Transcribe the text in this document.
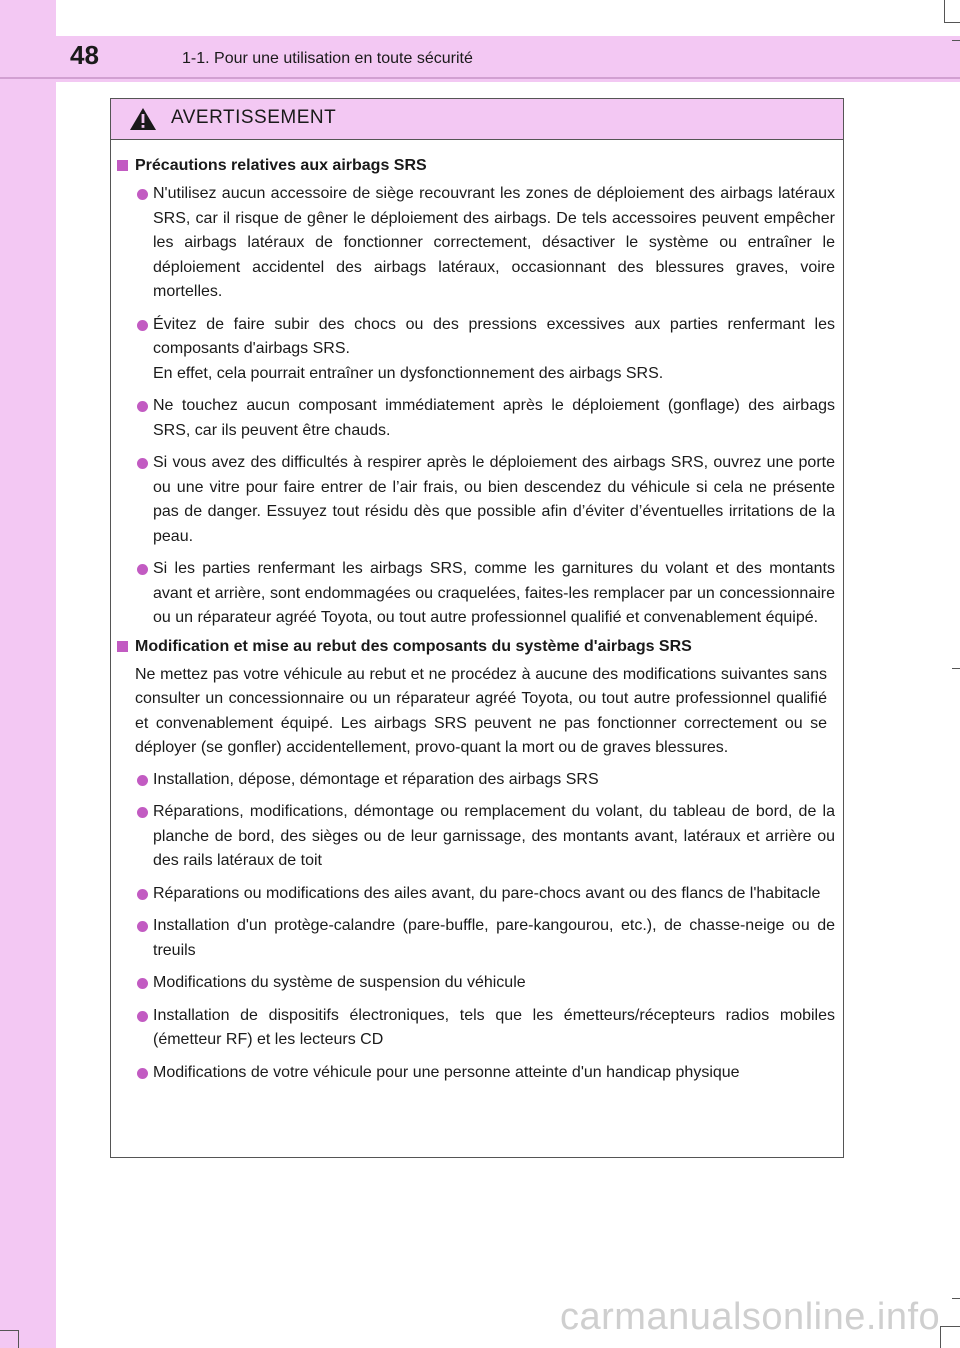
48	1-1. Pour une utilisation en toute sécurité
AVERTISSEMENT
Précautions relatives aux airbags SRS
N'utilisez aucun accessoire de siège recouvrant les zones de déploiement des airbags latéraux SRS, car il risque de gêner le déploiement des airbags. De tels accessoires peuvent empêcher les airbags latéraux de fonctionner correctement, désactiver le système ou entraîner le déploiement accidentel des airbags latéraux, occasionnant des blessures graves, voire mortelles.
Évitez de faire subir des chocs ou des pressions excessives aux parties renfermant les composants d'airbags SRS.
En effet, cela pourrait entraîner un dysfonctionnement des airbags SRS.
Ne touchez aucun composant immédiatement après le déploiement (gonflage) des airbags SRS, car ils peuvent être chauds.
Si vous avez des difficultés à respirer après le déploiement des airbags SRS, ouvrez une porte ou une vitre pour faire entrer de l’air frais, ou bien descendez du véhicule si cela ne présente pas de danger. Essuyez tout résidu dès que possible afin d’éviter d’éventuelles irritations de la peau.
Si les parties renfermant les airbags SRS, comme les garnitures du volant et des montants avant et arrière, sont endommagées ou craquelées, faites-les remplacer par un concessionnaire ou un réparateur agréé Toyota, ou tout autre professionnel qualifié et convenablement équipé.
Modification et mise au rebut des composants du système d'airbags SRS
Ne mettez pas votre véhicule au rebut et ne procédez à aucune des modifications suivantes sans consulter un concessionnaire ou un réparateur agréé Toyota, ou tout autre professionnel qualifié et convenablement équipé. Les airbags SRS peuvent ne pas fonctionner correctement ou se déployer (se gonfler) accidentellement, provo-quant la mort ou de graves blessures.
Installation, dépose, démontage et réparation des airbags SRS
Réparations, modifications, démontage ou remplacement du volant, du tableau de bord, de la planche de bord, des sièges ou de leur garnissage, des montants avant, latéraux et arrière ou des rails latéraux de toit
Réparations ou modifications des ailes avant, du pare-chocs avant ou des flancs de l'habitacle
Installation d'un protège-calandre (pare-buffle, pare-kangourou, etc.), de chasse-neige ou de treuils
Modifications du système de suspension du véhicule
Installation de dispositifs électroniques, tels que les émetteurs/récepteurs radios mobiles (émetteur RF) et les lecteurs CD
Modifications de votre véhicule pour une personne atteinte d'un handicap physique
carmanualsonline.info
